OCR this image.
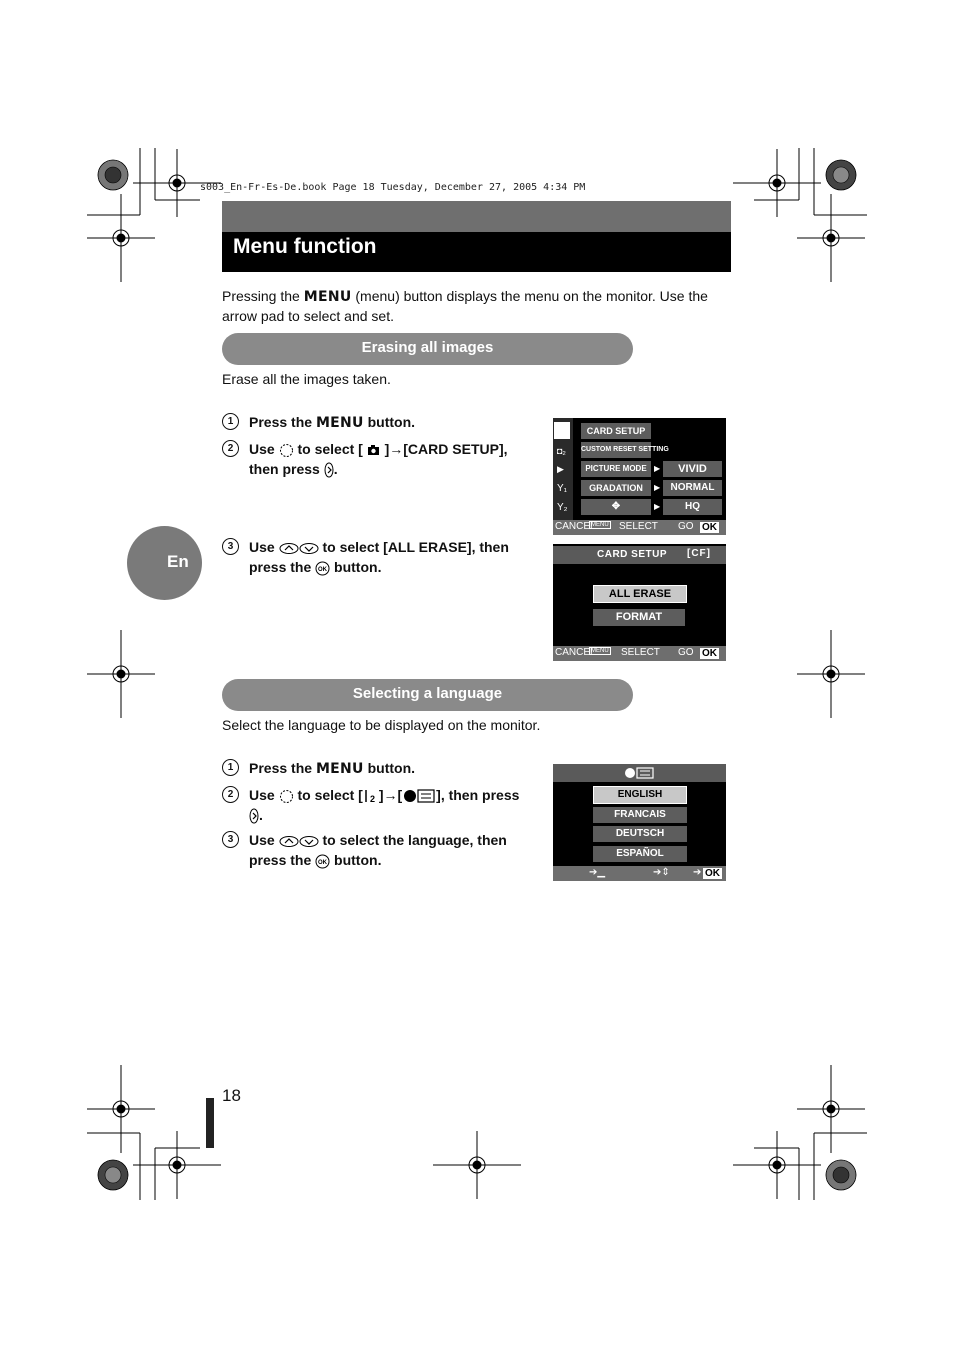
s003_En-Fr-Es-De.book Page 18 Tuesday, December 27, 2005 4:34 PM
Menu function
Pressing the MENU (menu) button displays the menu on the monitor. Use the arrow pad to select and set.
Erasing all images
Erase all the images taken.
1	Press the MENU button.
2	Use  to select [ ]→[CARD SETUP],
then press .
3	Use	to select [ALL ERASE], then
press the OK button.
En
◘₂
▶
Y₁
Y₂
CARD SETUP
CUSTOM RESET SETTING
PICTURE MODE
GRADATION
✥
▶
▶
▶
VIVID
NORMAL
HQ
CANCEL
MENU SELECT GO OK
CARD SETUP [CF]
ALL ERASE
FORMAT
CANCEL
MENU SELECT GO OK
Selecting a language
Select the language to be displayed on the monitor.
1	Press the MENU button.
2	Use  to select [ 2 ]→[ ], then press
.
3	Use	to select the language, then
press the OK button.
ENGLISH
FRANCAIS
DEUTSCH
ESPAÑOL
➔▁	➔⇕ ➔ OK
18
